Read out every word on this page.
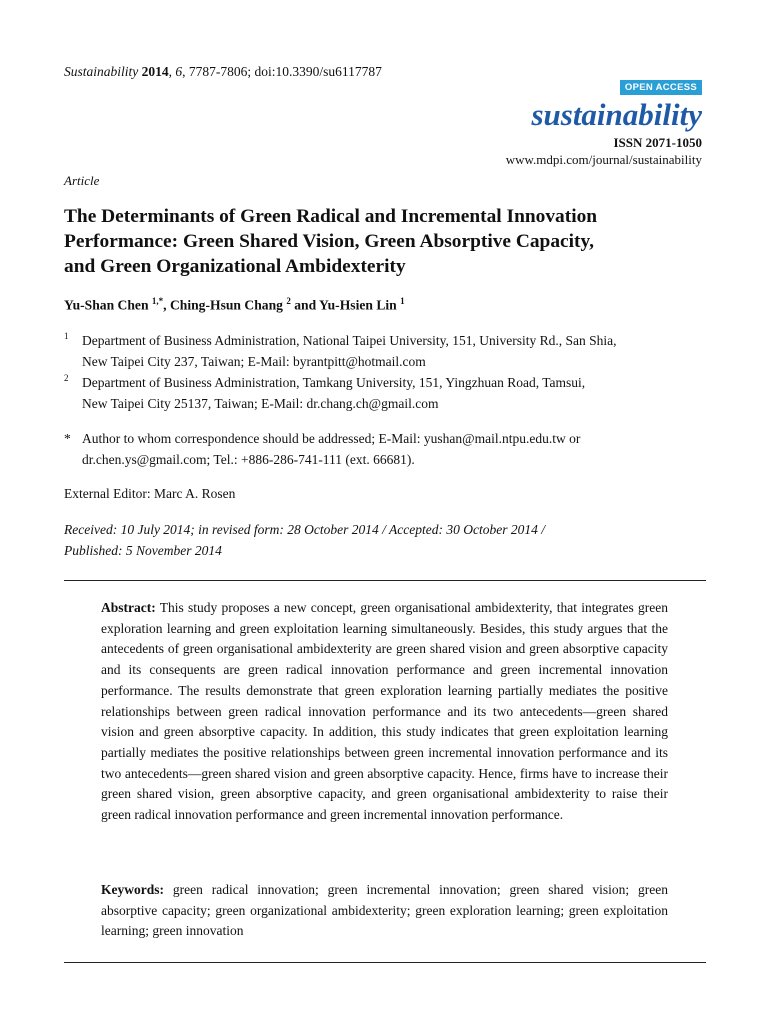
Sustainability 2014, 6, 7787-7806; doi:10.3390/su6117787
OPEN ACCESS
sustainability
ISSN 2071-1050
www.mdpi.com/journal/sustainability
Article
The Determinants of Green Radical and Incremental Innovation
Performance: Green Shared Vision, Green Absorptive Capacity,
and Green Organizational Ambidexterity
Yu-Shan Chen $^{1,*}$, Ching-Hsun Chang $^2$ and Yu-Hsien Lin $^1$
1 Department of Business Administration, National Taipei University, 151, University Rd., San Shia,
New Taipei City 237, Taiwan; E-Mail: byrantpitt@hotmail.com
2 Department of Business Administration, Tamkang University, 151, Yingzhuan Road, Tamsui,
New Taipei City 25137, Taiwan; E-Mail: dr.chang.ch@gmail.com
* Author to whom correspondence should be addressed; E-Mail: yushan@mail.ntpu.edu.tw or
dr.chen.ys@gmail.com; Tel.: +886-286-741-111 (ext. 66681).
External Editor: Marc A. Rosen
Received: 10 July 2014; in revised form: 28 October 2014 / Accepted: 30 October 2014 /
Published: 5 November 2014
Abstract: This study proposes a new concept, green organisational ambidexterity, that integrates green exploration learning and green exploitation learning simultaneously. Besides, this study argues that the antecedents of green organisational ambidexterity are green shared vision and green absorptive capacity and its consequents are green radical innovation performance and green incremental innovation performance. The results demonstrate that green exploration learning partially mediates the positive relationships between green radical innovation performance and its two antecedents—green shared vision and green absorptive capacity. In addition, this study indicates that green exploitation learning partially mediates the positive relationships between green incremental innovation performance and its two antecedents—green shared vision and green absorptive capacity. Hence, firms have to increase their green shared vision, green absorptive capacity, and green organisational ambidexterity to raise their green radical innovation performance and green incremental innovation performance.
Keywords: green radical innovation; green incremental innovation; green shared vision; green absorptive capacity; green organizational ambidexterity; green exploration learning; green exploitation learning; green innovation
